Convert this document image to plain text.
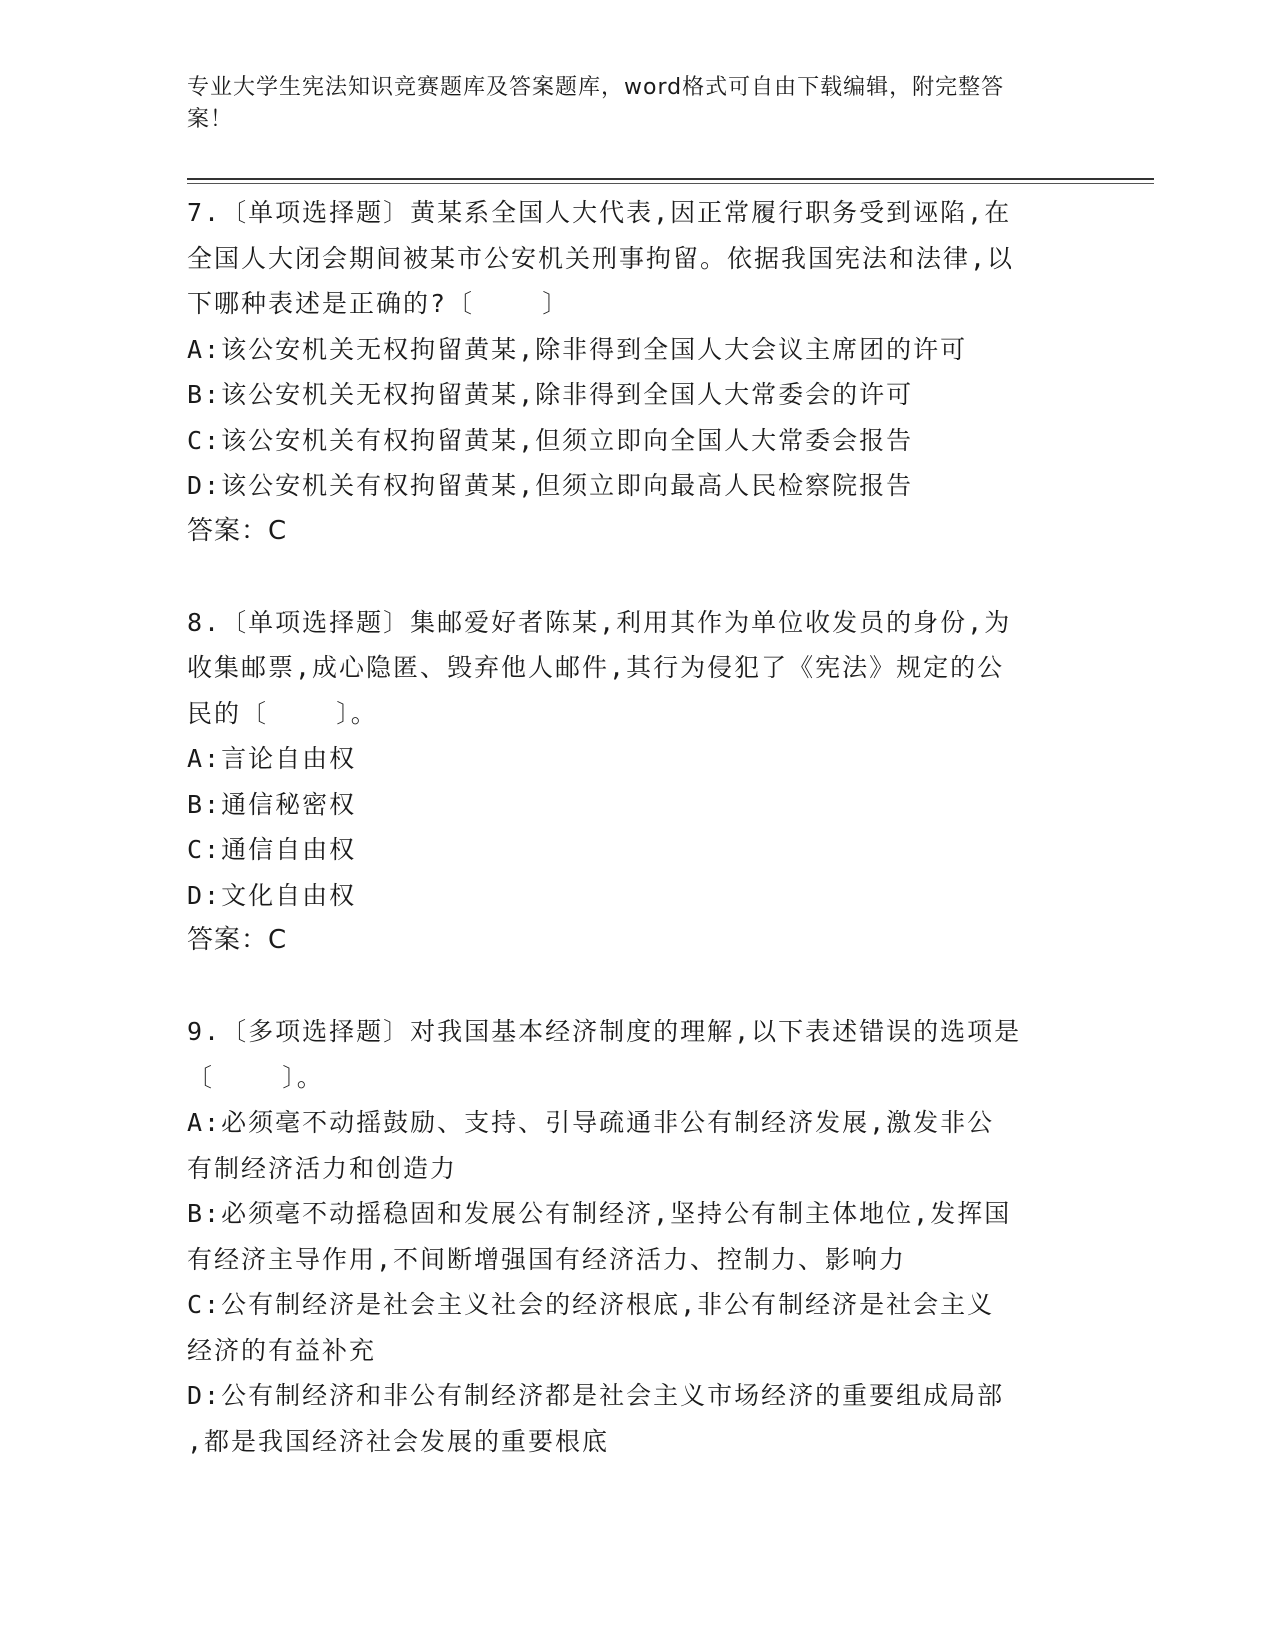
专业大学生宪法知识竞赛题库及答案题库，word格式可自由下载编辑，附完整答
案！
7.〔单项选择题〕黄某系全国人大代表,因正常履行职务受到诬陷,在
全国人大闭会期间被某市公安机关刑事拘留。依据我国宪法和法律,以
下哪种表述是正确的?〔    〕
A:该公安机关无权拘留黄某,除非得到全国人大会议主席团的许可
B:该公安机关无权拘留黄某,除非得到全国人大常委会的许可
C:该公安机关有权拘留黄某,但须立即向全国人大常委会报告
D:该公安机关有权拘留黄某,但须立即向最高人民检察院报告
答案：C
8.〔单项选择题〕集邮爱好者陈某,利用其作为单位收发员的身份,为
收集邮票,成心隐匿、毁弃他人邮件,其行为侵犯了《宪法》规定的公
民的〔    〕。
A:言论自由权
B:通信秘密权
C:通信自由权
D:文化自由权
答案：C
9.〔多项选择题〕对我国基本经济制度的理解,以下表述错误的选项是
〔    〕。
A:必须毫不动摇鼓励、支持、引导疏通非公有制经济发展,激发非公
有制经济活力和创造力
B:必须毫不动摇稳固和发展公有制经济,坚持公有制主体地位,发挥国
有经济主导作用,不间断增强国有经济活力、控制力、影响力
C:公有制经济是社会主义社会的经济根底,非公有制经济是社会主义
经济的有益补充
D:公有制经济和非公有制经济都是社会主义市场经济的重要组成局部
,都是我国经济社会发展的重要根底
